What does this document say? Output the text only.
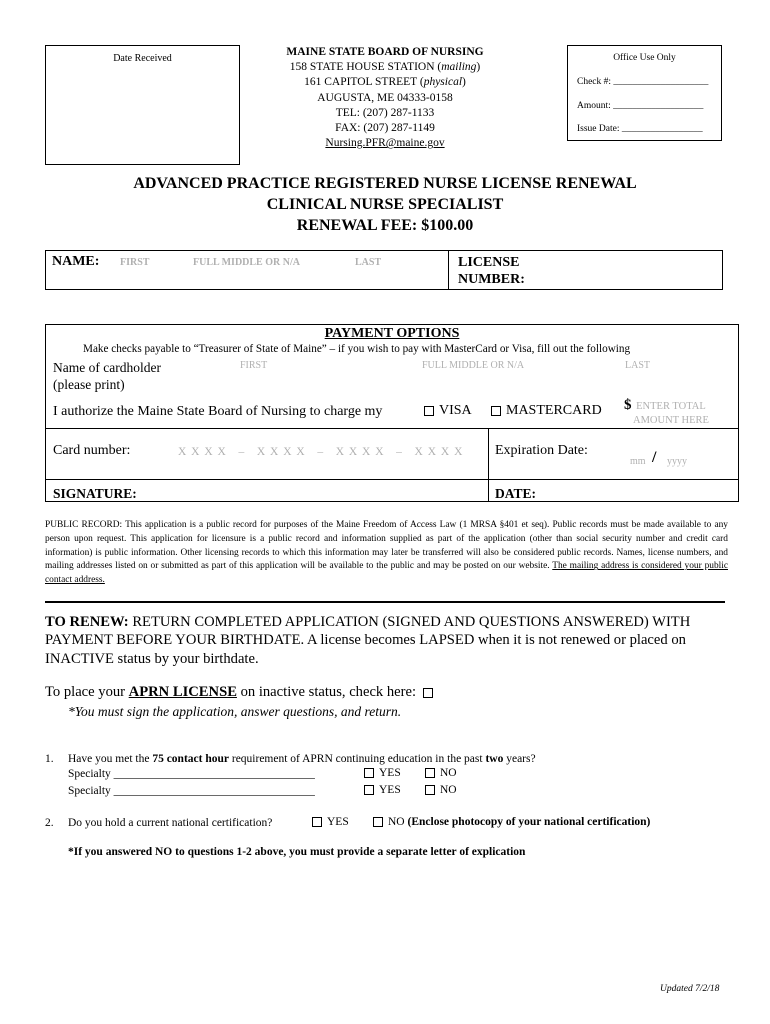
Date Received
MAINE STATE BOARD OF NURSING
158 STATE HOUSE STATION (mailing)
161 CAPITOL STREET (physical)
AUGUSTA, ME 04333-0158
TEL: (207) 287-1133
FAX: (207) 287-1149
Nursing.PFR@maine.gov
Office Use Only
Check #: ____________________
Amount: ___________________
Issue Date: _________________
ADVANCED PRACTICE REGISTERED NURSE LICENSE RENEWAL
CLINICAL NURSE SPECIALIST
RENEWAL FEE: $100.00
NAME: FIRST	FULL MIDDLE OR N/A	LAST	LICENSE
NUMBER:
PAYMENT OPTIONS
Make checks payable to “Treasurer of State of Maine” – if you wish to pay with MasterCard or Visa, fill out the following
Name of cardholder
(please print)
FIRST	FULL MIDDLE OR N/A	LAST
I authorize the Maine State Board of Nursing to charge my	VISA	MASTERCARD $ ENTER TOTAL
AMOUNT HERE
Card number:	X X X X   –   X X X X   –   X X X X   –   X X X X Expiration Date:
mm / yyyy
SIGNATURE:	DATE:
PUBLIC RECORD: This application is a public record for purposes of the Maine Freedom of Access Law (1 MRSA §401 et seq). Public records must be made available to any person upon request. This application for licensure is a public record and information supplied as part of the application (other than social security number and credit card information) is public information. Other licensing records to which this information may later be transferred will also be considered public records. Names, license numbers, and mailing addresses listed on or submitted as part of this application will be available to the public and may be posted on our website. The mailing address is considered your public contact address.
TO RENEW: RETURN COMPLETED APPLICATION (SIGNED AND QUESTIONS ANSWERED) WITH PAYMENT BEFORE YOUR BIRTHDATE. A license becomes LAPSED when it is not renewed or placed on INACTIVE status by your birthdate.
To place your APRN LICENSE on inactive status, check here:
*You must sign the application, answer questions, and return.
1. Have you met the 75 contact hour requirement of APRN continuing education in the past two years?
Specialty ___________________________________	YES	NO
Specialty ___________________________________	YES	NO
2. Do you hold a current national certification?	YES	NO (Enclose photocopy of your national certification)
*If you answered NO to questions 1-2 above, you must provide a separate letter of explication
Updated 7/2/18
